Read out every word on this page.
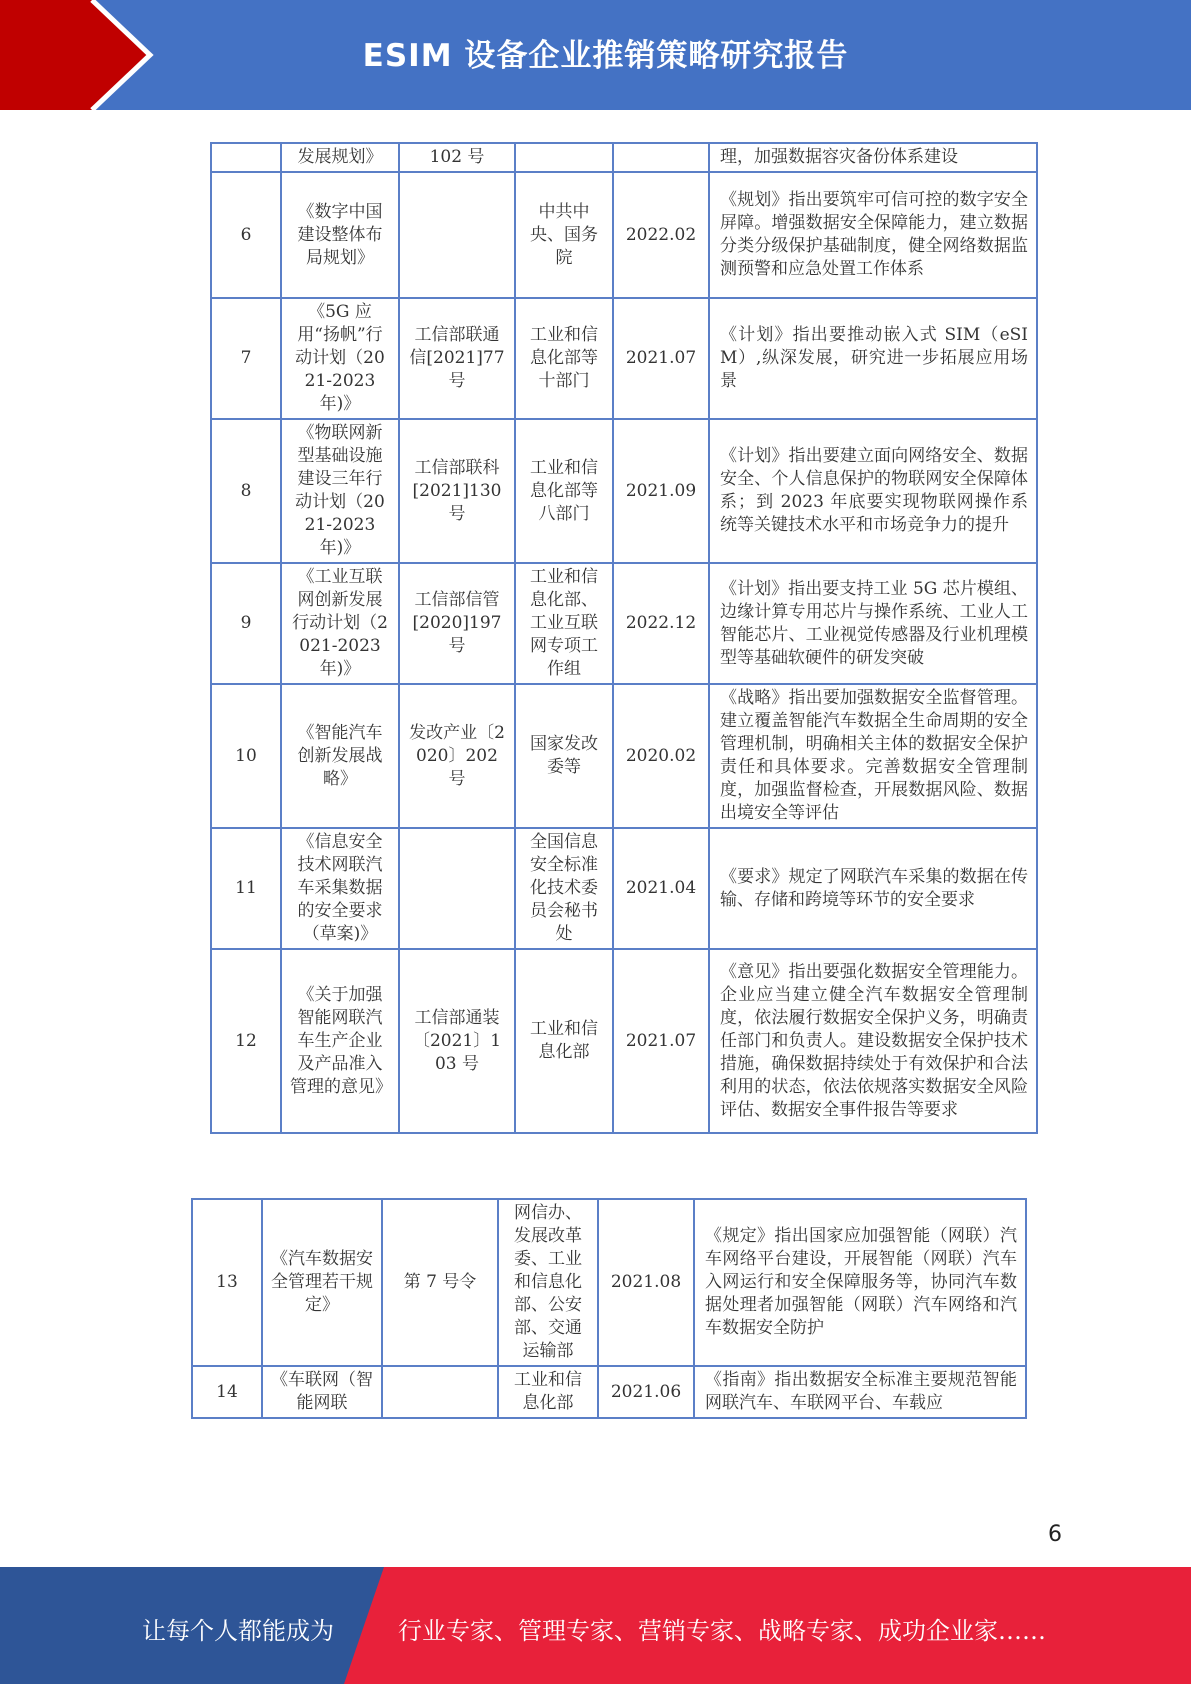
ESIM 设备企业推销策略研究报告
	发展规划》	102 号			理，加强数据容灾备份体系建设
6	《数字中国建设整体布局规划》		中共中央、国务院	2022.02	《规划》指出要筑牢可信可控的数字安全屏障。增强数据安全保障能力，建立数据分类分级保护基础制度，健全网络数据监测预警和应急处置工作体系
7	《5G 应用“扬帆”行动计划（2021-2023 年)》	工信部联通信[2021]77 号	工业和信息化部等十部门	2021.07	《计划》指出要推动嵌入式 SIM（eSIM）,纵深发展，研究进一步拓展应用场景
8	《物联网新型基础设施建设三年行动计划（2021-2023 年)》	工信部联科[2021]130 号	工业和信息化部等八部门	2021.09	《计划》指出要建立面向网络安全、数据安全、个人信息保护的物联网安全保障体系；到 2023 年底要实现物联网操作系统等关键技术水平和市场竞争力的提升
9	《工业互联网创新发展行动计划（2021-2023 年)》	工信部信管[2020]197 号	工业和信息化部、工业互联网专项工作组	2022.12	《计划》指出要支持工业 5G 芯片模组、边缘计算专用芯片与操作系统、工业人工智能芯片、工业视觉传感器及行业机理模型等基础软硬件的研发突破
10	《智能汽车创新发展战略》	发改产业〔2020〕202 号	国家发改委等	2020.02	《战略》指出要加强数据安全监督管理。建立覆盖智能汽车数据全生命周期的安全管理机制，明确相关主体的数据安全保护责任和具体要求。完善数据安全管理制度，加强监督检查，开展数据风险、数据出境安全等评估
11	《信息安全技术网联汽车采集数据的安全要求（草案)》		全国信息安全标准化技术委员会秘书处	2021.04	《要求》规定了网联汽车采集的数据在传输、存储和跨境等环节的安全要求
12	《关于加强智能网联汽车生产企业及产品准入管理的意见》	工信部通装〔2021〕103 号	工业和信息化部	2021.07	《意见》指出要强化数据安全管理能力。企业应当建立健全汽车数据安全管理制度，依法履行数据安全保护义务，明确责任部门和负责人。建设数据安全保护技术措施，确保数据持续处于有效保护和合法利用的状态，依法依规落实数据安全风险评估、数据安全事件报告等要求
13	《汽车数据安全管理若干规定》	第 7 号令	网信办、发展改革委、工业和信息化部、公安部、交通运输部	2021.08	《规定》指出国家应加强智能（网联）汽车网络平台建设，开展智能（网联）汽车入网运行和安全保障服务等，协同汽车数据处理者加强智能（网联）汽车网络和汽车数据安全防护
14	《车联网（智能网联		工业和信息化部	2021.06	《指南》指出数据安全标准主要规范智能网联汽车、车联网平台、车载应
6
让每个人都能成为	行业专家、管理专家、营销专家、战略专家、成功企业家……
